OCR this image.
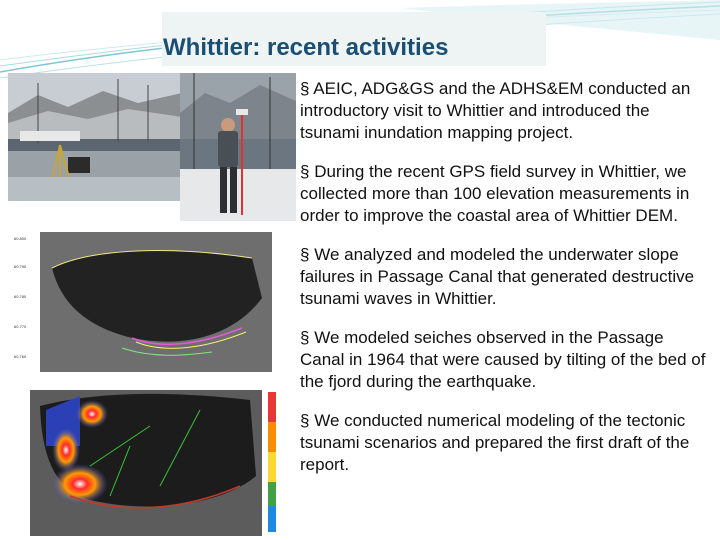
Whittier: recent activities
60.800
60.790
60.780
60.770
60.760
§ AEIC, ADG&GS and the ADHS&EM conducted an introductory visit to Whittier and introduced the tsunami inundation mapping project.
§ During the recent GPS field survey in Whittier, we collected more than 100 elevation measurements in order to improve the coastal area of Whittier DEM.
§ We analyzed and modeled the underwater slope failures in Passage Canal that generated destructive tsunami waves in Whittier.
§ We modeled seiches observed in the Passage Canal in 1964 that were caused by tilting of the bed of the fjord during the earthquake.
§ We conducted numerical modeling of the tectonic tsunami scenarios and prepared the first draft of the report.
